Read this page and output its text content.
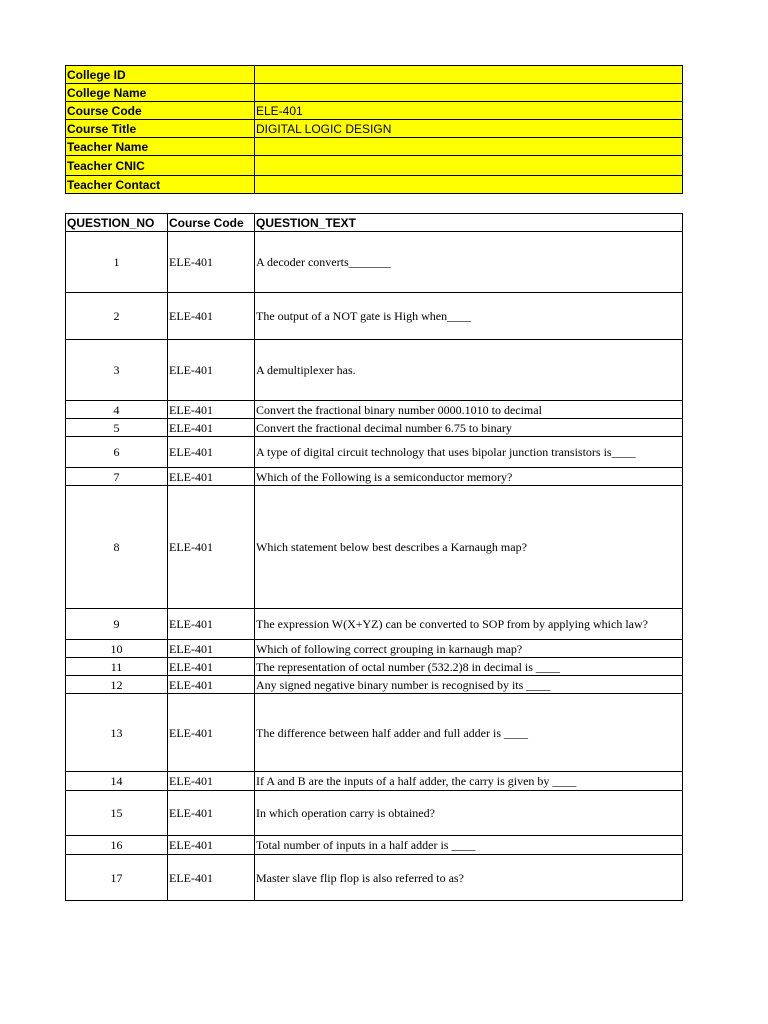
College ID	
College Name	
Course Code	ELE-401
Course Title	DIGITAL LOGIC DESIGN
Teacher Name	
Teacher CNIC	
Teacher Contact	
QUESTION_NO	Course Code	QUESTION_TEXT
1	ELE-401	A decoder converts_______
2	ELE-401	The output of a NOT gate is High when____
3	ELE-401	A demultiplexer has.
4	ELE-401	Convert the fractional binary number 0000.1010 to decimal
5	ELE-401	Convert the fractional decimal number 6.75 to binary
6	ELE-401	A type of digital circuit technology that uses bipolar junction transistors is____
7	ELE-401	Which of the Following is a semiconductor memory?
8	ELE-401	Which statement below best describes a Karnaugh map?
9	ELE-401	The expression W(X+YZ) can be converted to SOP from by applying which law?
10	ELE-401	Which of following correct grouping in karnaugh map?
11	ELE-401	The representation of octal number (532.2)8 in decimal is ____
12	ELE-401	Any signed negative binary number is recognised by its ____
13	ELE-401	The difference between half adder and full adder is ____
14	ELE-401	If A and B are the inputs of a half adder, the carry is given by ____
15	ELE-401	In which operation carry is obtained?
16	ELE-401	Total number of inputs in a half adder is ____
17	ELE-401	Master slave flip flop is also referred to as?
